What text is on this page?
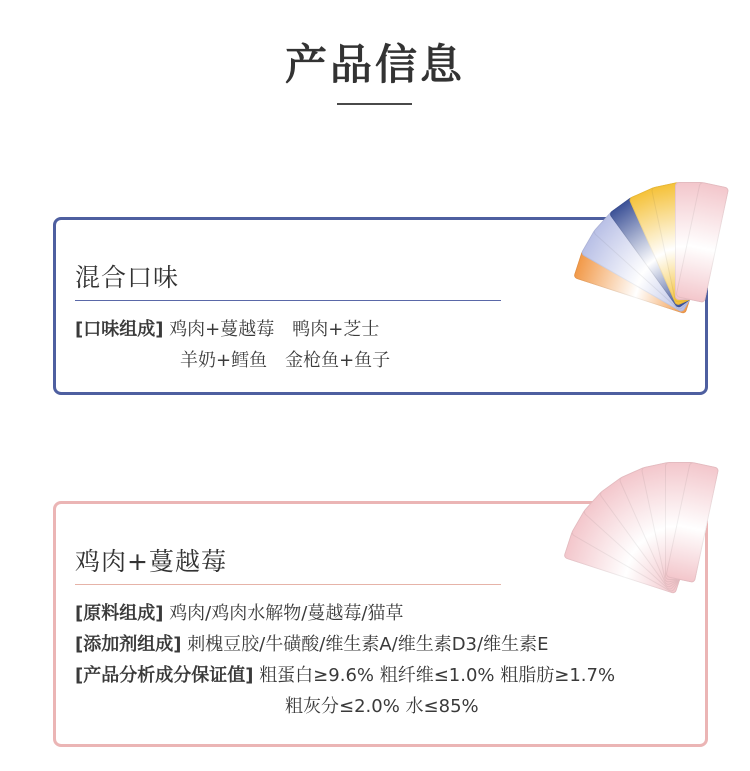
产品信息
混合口味
[口味组成] 鸡肉+蔓越莓　鸭肉+芝士
羊奶+鳕鱼　金枪鱼+鱼子
鸡肉+蔓越莓
[原料组成] 鸡肉/鸡肉水解物/蔓越莓/猫草
[添加剂组成] 刺槐豆胶/牛磺酸/维生素A/维生素D3/维生素E
[产品分析成分保证值] 粗蛋白≥9.6% 粗纤维≤1.0% 粗脂肪≥1.7%
粗灰分≤2.0% 水≤85%
